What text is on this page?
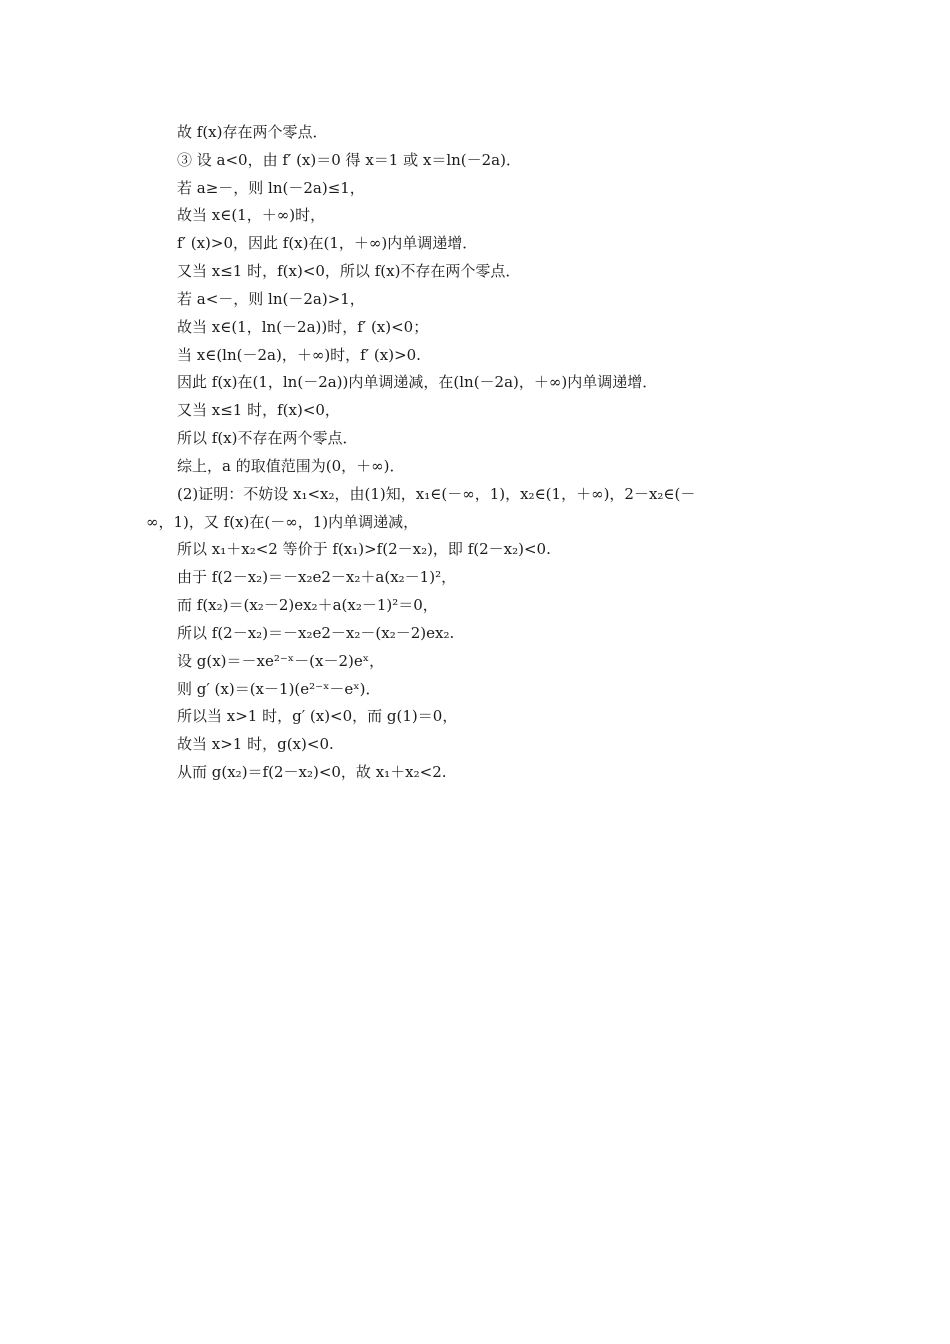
故 f(x)存在两个零点．
③ 设 a<0，由 f′ (x)＝0 得 x＝1 或 x＝ln(－2a)．
若 a≥－，则 ln(－2a)≤1，
故当 x∈(1，＋∞)时，
f′ (x)>0，因此 f(x)在(1，＋∞)内单调递增．
又当 x≤1 时，f(x)<0，所以 f(x)不存在两个零点．
若 a<－，则 ln(－2a)>1，
故当 x∈(1，ln(－2a))时，f′ (x)<0；
当 x∈(ln(－2a)，＋∞)时，f′ (x)>0.
因此 f(x)在(1，ln(－2a))内单调递减，在(ln(－2a)，＋∞)内单调递增．
又当 x≤1 时，f(x)<0，
所以 f(x)不存在两个零点．
综上，a 的取值范围为(0，＋∞)．
(2)证明：不妨设 x₁<x₂，由(1)知，x₁∈(－∞，1)，x₂∈(1，＋∞)，2－x₂∈(－
∞，1)，又 f(x)在(－∞，1)内单调递减，
所以 x₁＋x₂<2 等价于 f(x₁)>f(2－x₂)，即 f(2－x₂)<0.
由于 f(2－x₂)＝－x₂e2－x₂＋a(x₂－1)²，
而 f(x₂)＝(x₂－2)ex₂＋a(x₂－1)²＝0，
所以 f(2－x₂)＝－x₂e2－x₂－(x₂－2)ex₂.
设 g(x)＝－xe²⁻ˣ－(x－2)eˣ，
则 g′ (x)＝(x－1)(e²⁻ˣ－eˣ)．
所以当 x>1 时，g′ (x)<0，而 g(1)＝0，
故当 x>1 时，g(x)<0.
从而 g(x₂)＝f(2－x₂)<0，故 x₁＋x₂<2.
